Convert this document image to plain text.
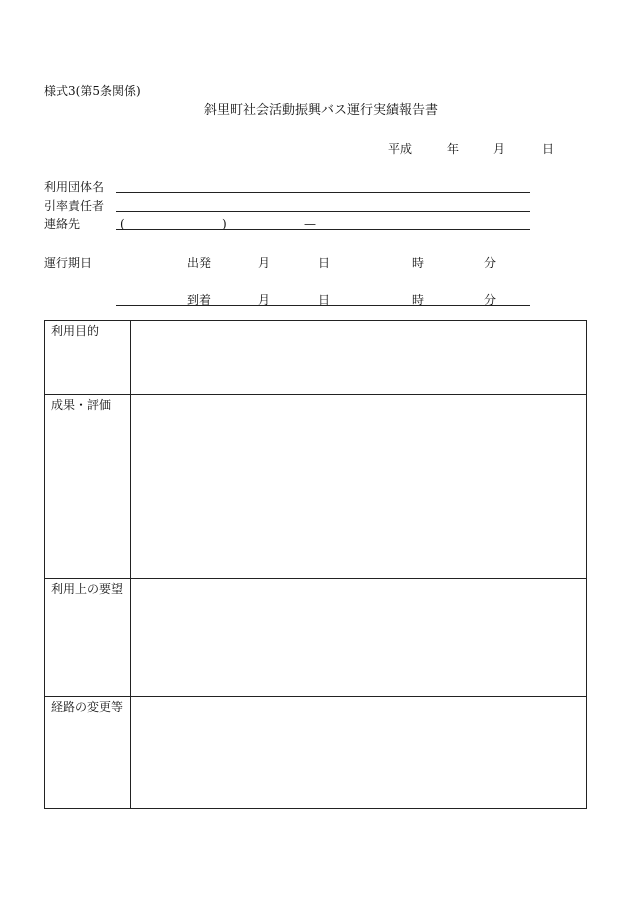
様式3(第5条関係)
斜里町社会活動振興バス運行実績報告書
平成	年	月	日
利用団体名
引率責任者
連絡先	(	)	—
運行期日	出発	月	日	時	分
到着	月	日	時	分
利用目的
成果・評価
利用上の要望
経路の変更等
